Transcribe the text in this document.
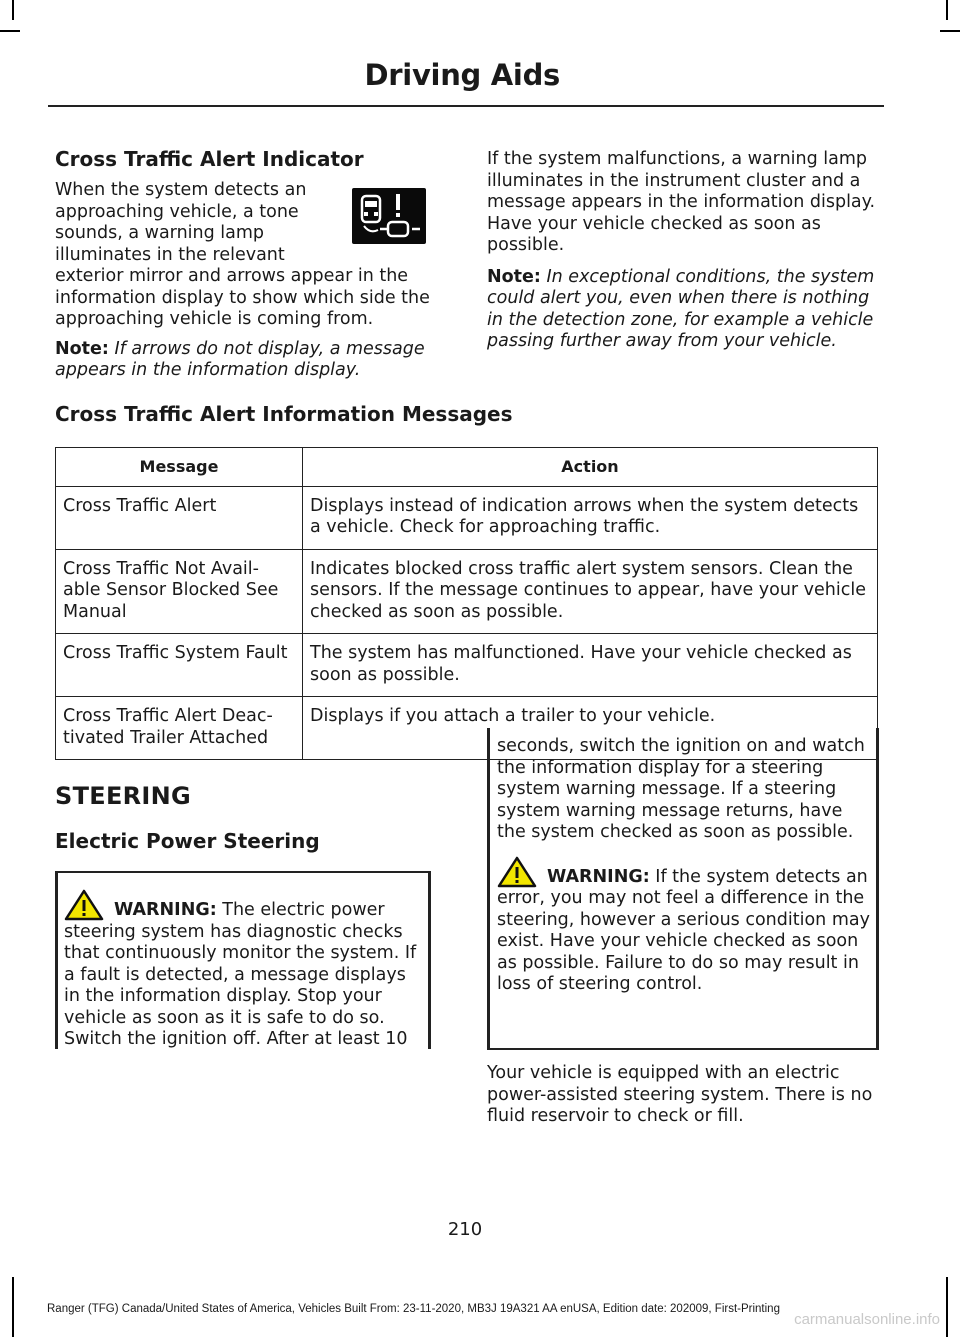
Driving Aids
Cross Traffic Alert Indicator

When the system detects an approaching vehicle, a tone sounds, a warning lamp illuminates in the relevant exterior mirror and arrows appear in the information display to show which side the approaching vehicle is coming from.

Note: If arrows do not display, a message appears in the information display.

If the system malfunctions, a warning lamp illuminates in the instrument cluster and a message appears in the information display. Have your vehicle checked as soon as possible.

Note: In exceptional conditions, the system could alert you, even when there is nothing in the detection zone, for example a vehicle passing further away from your vehicle.

Cross Traffic Alert Information Messages
Message	Action
Cross Traffic Alert	Displays instead of indication arrows when the system detects a vehicle. Check for approaching traffic.
Cross Traffic Not Avail-able Sensor Blocked See Manual	Indicates blocked cross traffic alert system sensors. Clean the sensors. If the message continues to appear, have your vehicle checked as soon as possible.
Cross Traffic System Fault	The system has malfunctioned. Have your vehicle checked as soon as possible.
Cross Traffic Alert Deac-tivated Trailer Attached	Displays if you attach a trailer to your vehicle.
STEERING
Electric Power Steering

WARNING: The electric power steering system has diagnostic checks that continuously monitor the system. If a fault is detected, a message displays in the information display. Stop your vehicle as soon as it is safe to do so. Switch the ignition off. After at least 10

seconds, switch the ignition on and watch the information display for a steering system warning message. If a steering system warning message returns, have the system checked as soon as possible.

WARNING: If the system detects an error, you may not feel a difference in the steering, however a serious condition may exist. Have your vehicle checked as soon as possible. Failure to do so may result in loss of steering control.

Your vehicle is equipped with an electric power-assisted steering system. There is no fluid reservoir to check or fill.

210
Ranger (TFG) Canada/United States of America, Vehicles Built From: 23-11-2020, MB3J 19A321 AA enUSA, Edition date: 202009, First-Printing
carmanualsonline.info
